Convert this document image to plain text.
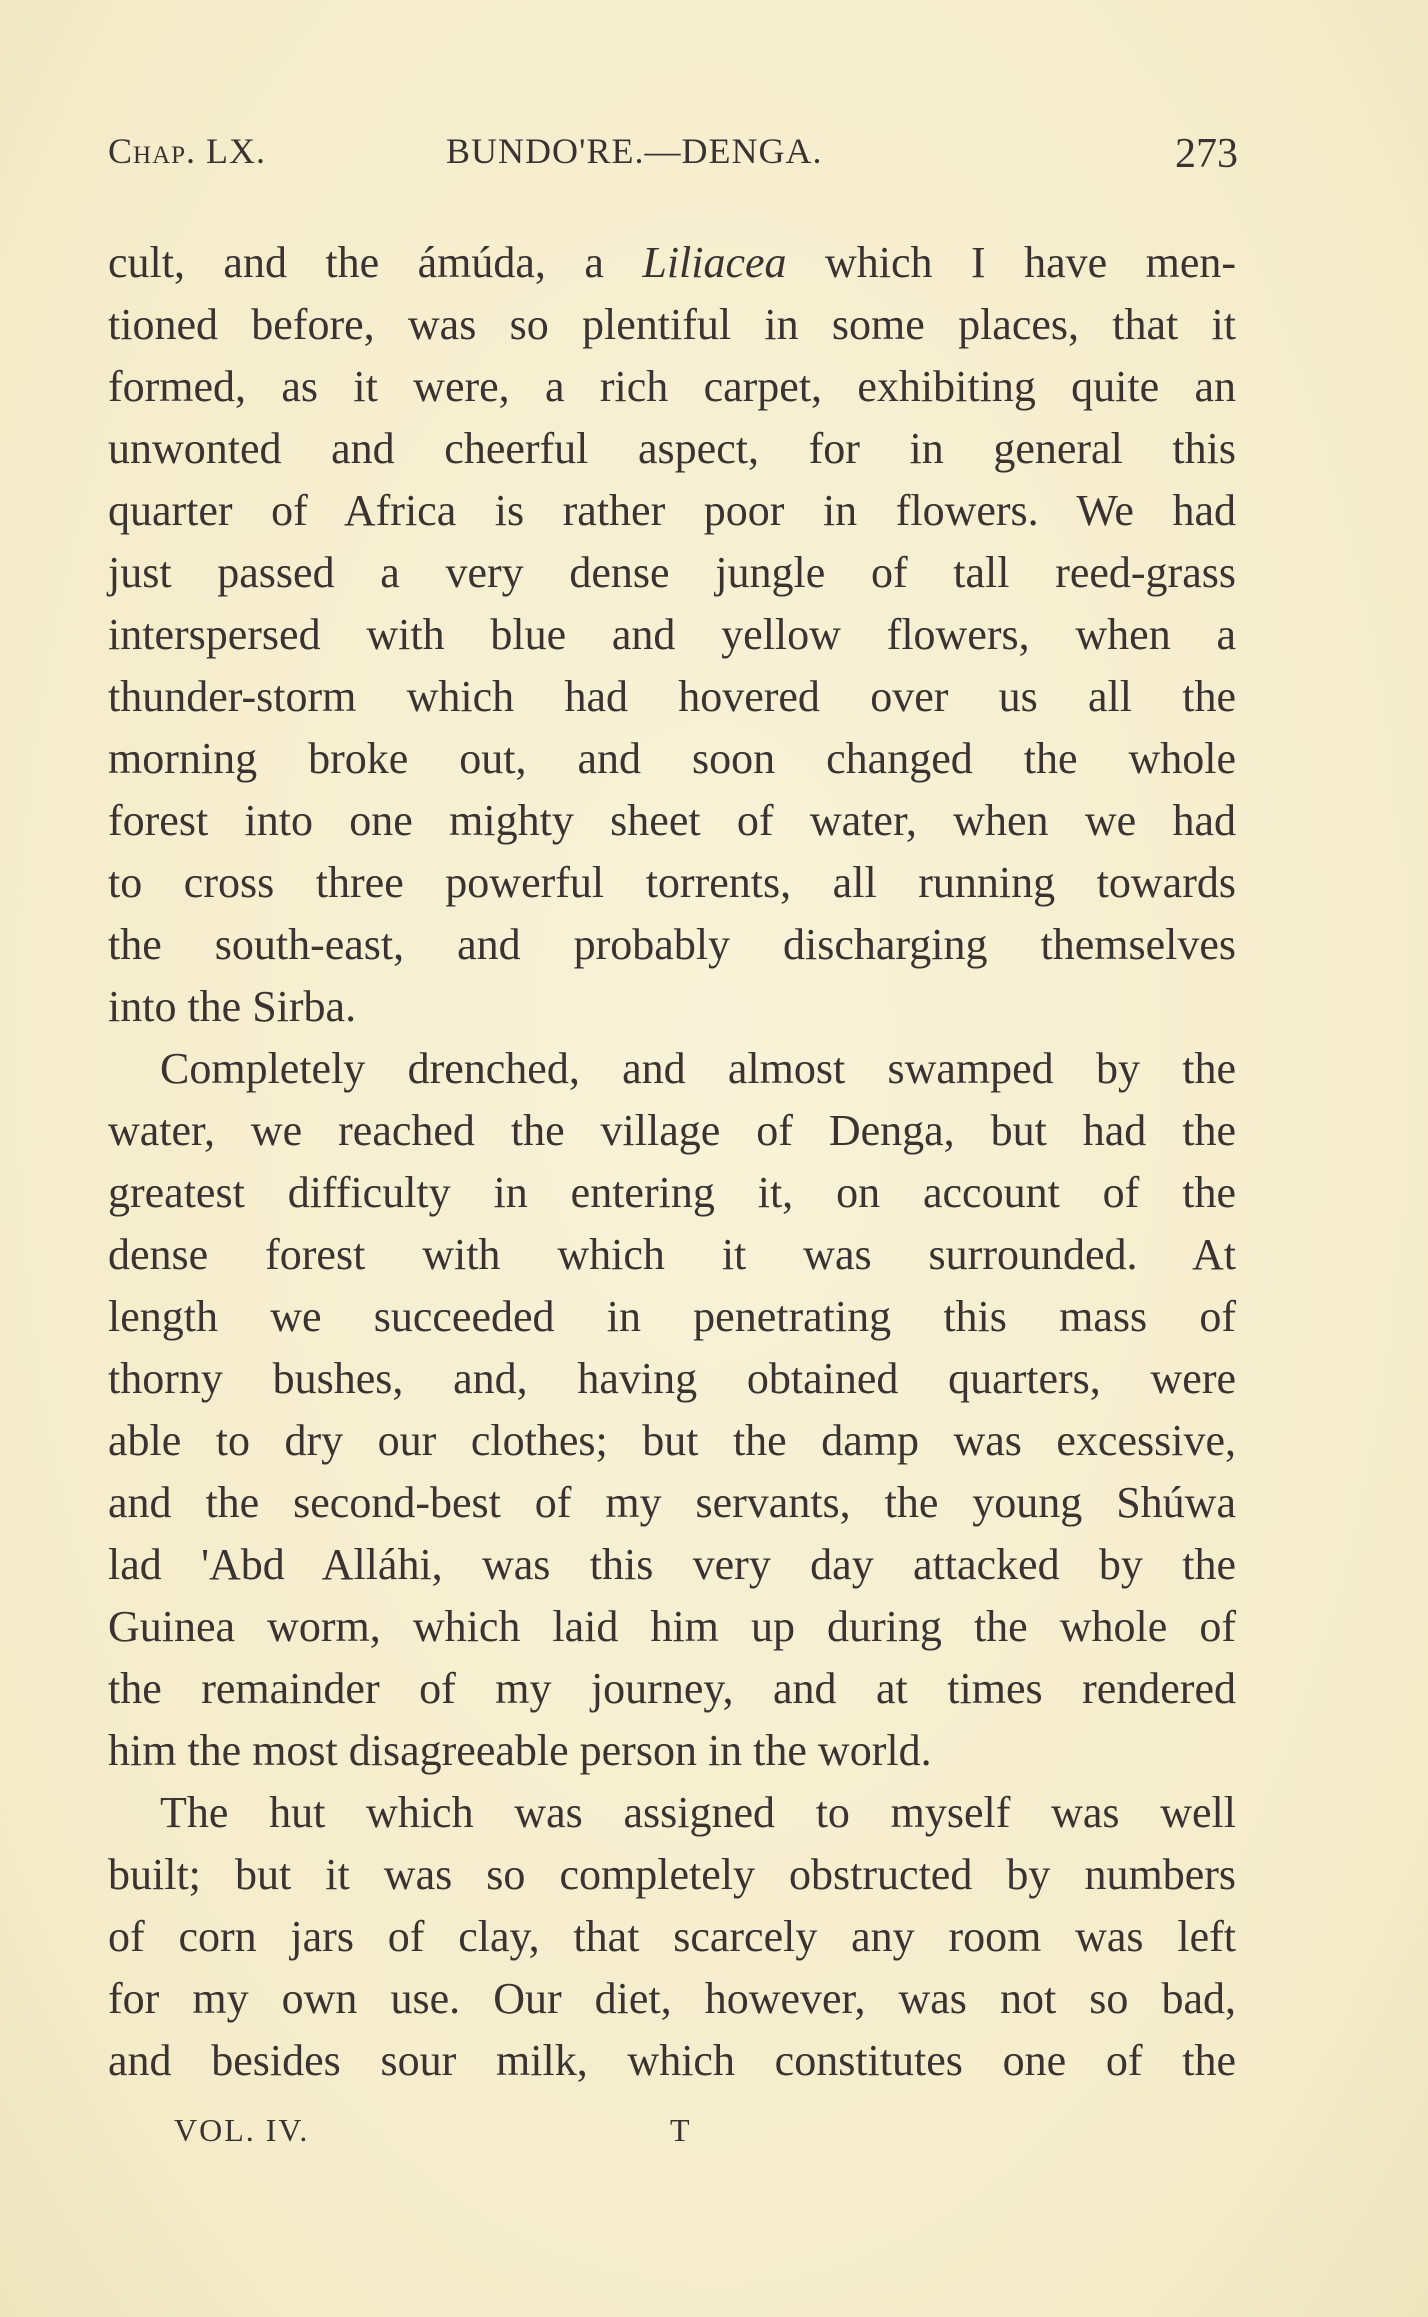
Chap. LX.	BUNDO'RE.—DENGA.	273
cult, and the ámúda, a Liliacea which I have men-
tioned before, was so plentiful in some places, that it
formed, as it were, a rich carpet, exhibiting quite an
unwonted and cheerful aspect, for in general this
quarter of Africa is rather poor in flowers. We had
just passed a very dense jungle of tall reed-grass
interspersed with blue and yellow flowers, when a
thunder-storm which had hovered over us all the
morning broke out, and soon changed the whole
forest into one mighty sheet of water, when we had
to cross three powerful torrents, all running towards
the south-east, and probably discharging themselves
into the Sirba.
Completely drenched, and almost swamped by the
water, we reached the village of Denga, but had the
greatest difficulty in entering it, on account of the
dense forest with which it was surrounded. At
length we succeeded in penetrating this mass of
thorny bushes, and, having obtained quarters, were
able to dry our clothes; but the damp was excessive,
and the second-best of my servants, the young Shúwa
lad 'Abd Alláhi, was this very day attacked by the
Guinea worm, which laid him up during the whole of
the remainder of my journey, and at times rendered
him the most disagreeable person in the world.
The hut which was assigned to myself was well
built; but it was so completely obstructed by numbers
of corn jars of clay, that scarcely any room was left
for my own use. Our diet, however, was not so bad,
and besides sour milk, which constitutes one of the
VOL. IV.	T
